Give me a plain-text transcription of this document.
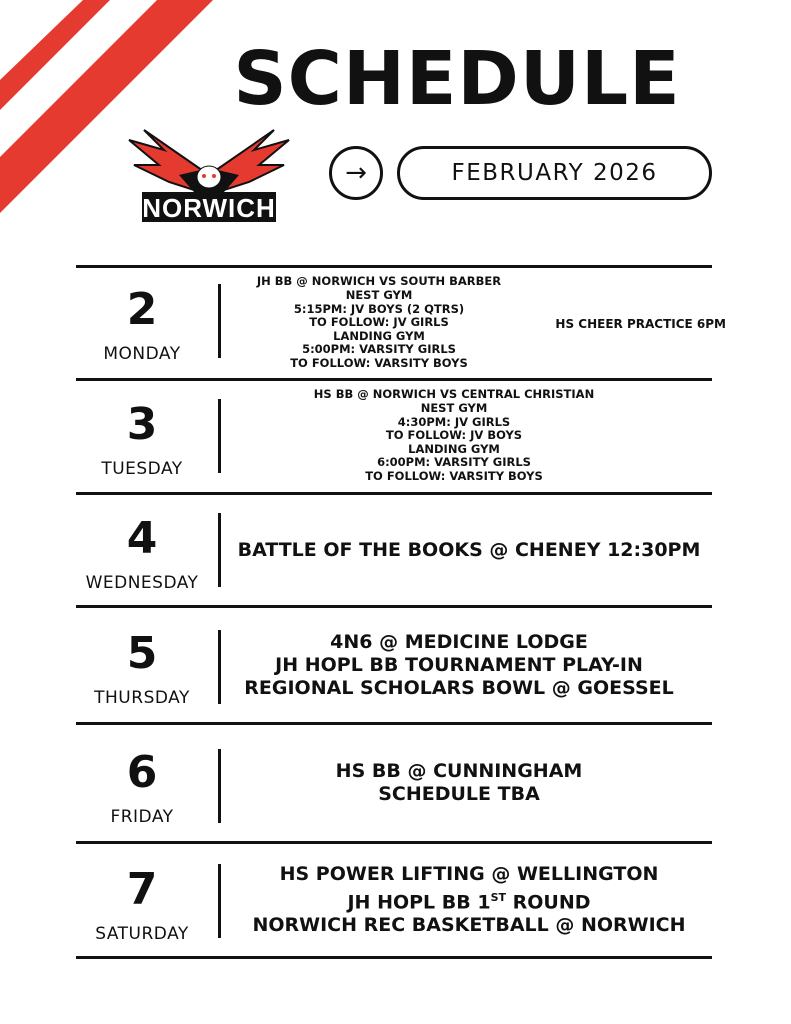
SCHEDULE
NORWICH
→	FEBRUARY 2026
2
MONDAY
JH BB @ NORWICH VS SOUTH BARBER
NEST GYM
5:15PM: JV BOYS (2 QTRS)
TO FOLLOW: JV GIRLS
LANDING GYM
5:00PM: VARSITY GIRLS
TO FOLLOW: VARSITY BOYS
HS CHEER PRACTICE 6PM
3
TUESDAY
HS BB @ NORWICH VS CENTRAL CHRISTIAN
NEST GYM
4:30PM: JV GIRLS
TO FOLLOW: JV BOYS
LANDING GYM
6:00PM: VARSITY GIRLS
TO FOLLOW: VARSITY BOYS
4
WEDNESDAY
BATTLE OF THE BOOKS @ CHENEY 12:30PM
5
THURSDAY
4N6 @ MEDICINE LODGE
JH HOPL BB TOURNAMENT PLAY-IN
REGIONAL SCHOLARS BOWL @ GOESSEL
6
FRIDAY
HS BB @ CUNNINGHAM
SCHEDULE TBA
7
SATURDAY
HS POWER LIFTING @ WELLINGTON
JH HOPL BB 1ST ROUND
NORWICH REC BASKETBALL @ NORWICH
